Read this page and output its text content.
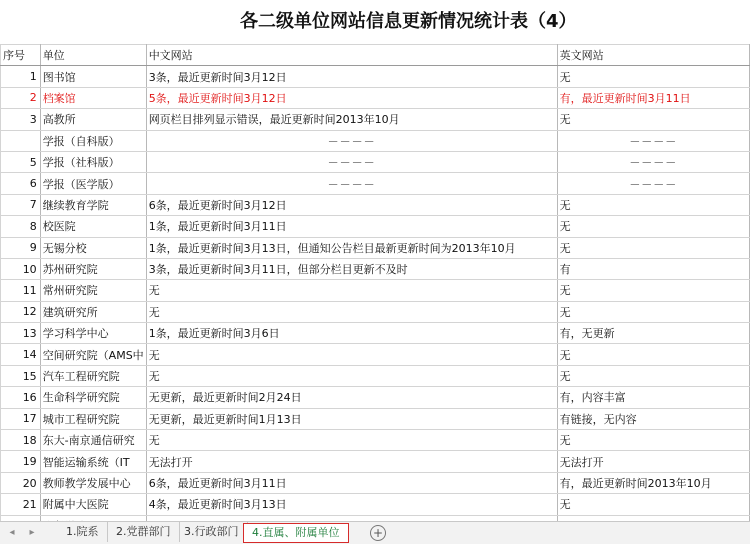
各二级单位网站信息更新情况统计表（4）
序号	单位	中文网站	英文网站
1	图书馆	3条，最近更新时间3月12日	无
2	档案馆	5条，最近更新时间3月12日	有，最近更新时间3月11日
3	高教所	网页栏目排列显示错误，最近更新时间2013年10月	无
	学报（自科版）	－－－－	－－－－
5	学报（社科版）	－－－－	－－－－
6	学报（医学版）	－－－－	－－－－
7	继续教育学院	6条，最近更新时间3月12日	无
8	校医院	1条，最近更新时间3月11日	无
9	无锡分校	1条，最近更新时间3月13日，但通知公告栏目最新更新时间为2013年10月	无
10	苏州研究院	3条，最近更新时间3月11日，但部分栏目更新不及时	有
11	常州研究院	无	无
12	建筑研究所	无	无
13	学习科学中心	1条，最近更新时间3月6日	有，无更新
14	空间研究院（AMS中	无	无
15	汽车工程研究院	无	无
16	生命科学研究院	无更新，最近更新时间2月24日	有，内容丰富
17	城市工程研究院	无更新，最近更新时间1月13日	有链接，无内容
18	东大-南京通信研究	无	无
19	智能运输系统（IT	无法打开	无法打开
20	教师教学发展中心	6条，最近更新时间3月11日	有，最近更新时间2013年10月
21	附属中大医院	4条，最近更新时间3月13日	无

◂	▸	1.院系	2.党群部门	3.行政部门	4.直属、附属单位	+
